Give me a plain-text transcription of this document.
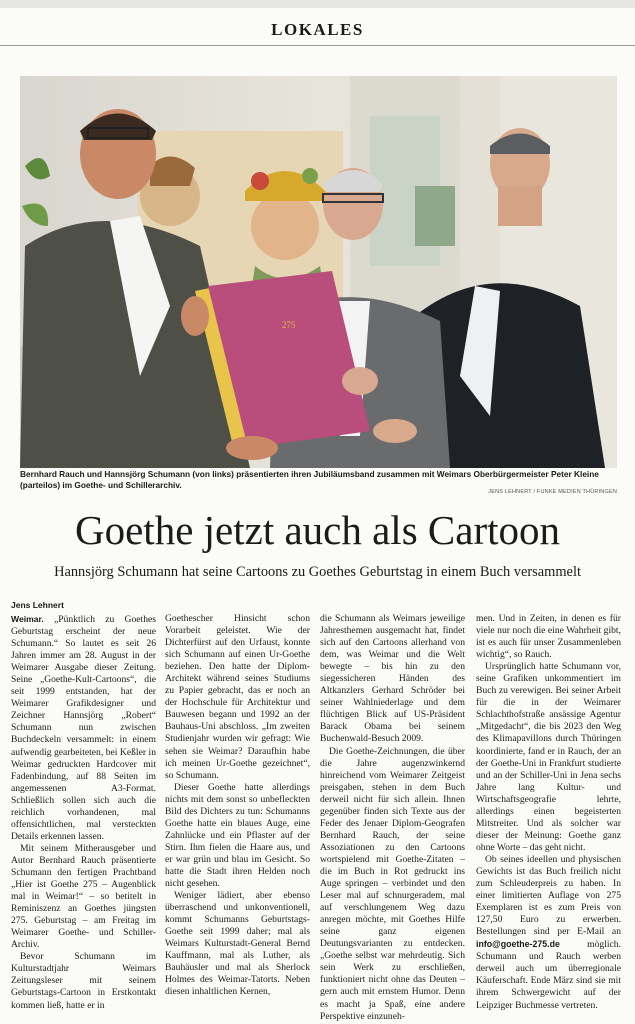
LOKALES
275
Bernhard Rauch und Hannsjörg Schumann (von links) präsentierten ihren Jubiläumsband zusammen mit Weimars Oberbürgermeister Peter Kleine (parteilos) im Goethe- und Schillerarchiv.
JENS LEHNERT / FUNKE MEDIEN THÜRINGEN
Goethe jetzt auch als Cartoon
Hannsjörg Schumann hat seine Cartoons zu Goethes Geburtstag in einem Buch versammelt
Jens Lehnert

Weimar. „Pünktlich zu Goethes Geburtstag erscheint der neue Schumann.“ So lautet es seit 26 Jahren immer am 28. August in der Weimarer Ausgabe dieser Zeitung. Seine „Goethe-Kult-Cartoons“, die seit 1999 entstanden, hat der Weimarer Grafikdesigner und Zeichner Hannsjörg „Robert“ Schumann nun zwischen Buchdeckeln versammelt: in einem aufwendig gearbeiteten, bei Keßler in Weimar gedruckten Hardcover mit Fadenbindung, auf 88 Seiten im angemessenen A3-Format. Schließlich sollen sich auch die reichlich vorhandenen, mal offensichtlichen, mal versteckten Details erkennen lassen.

Mit seinem Mitherausgeber und Autor Bernhard Rauch präsentierte Schumann den fertigen Prachtband „Hier ist Goethe 275 – Augenblick mal in Weimar!“ – so betitelt in Reminiszenz an Goethes jüngsten 275. Geburtstag – am Freitag im Weimarer Goethe- und Schiller-Archiv.

Bevor Schumann im Kulturstadtjahr Weimars Zeitungsleser mit seinem Geburtstags-Cartoon in Erstkontakt kommen ließ, hatte er in

Goethescher Hinsicht schon Vorarbeit geleistet. Wie der Dichterfürst auf den Urfaust, konnte sich Schumann auf einen Ur-Goethe beziehen. Den hatte der Diplom-Architekt während seines Studiums zu Papier gebracht, das er noch an der Hochschule für Architektur und Bauwesen begann und 1992 an der Bauhaus-Uni abschloss. „Im zweiten Studienjahr wurden wir gefragt: Wie sehen sie Weimar? Daraufhin habe ich meinen Ur-Goethe gezeichnet“, so Schumann.

Dieser Goethe hatte allerdings nichts mit dem sonst so unbefleckten Bild des Dichters zu tun: Schumanns Goethe hatte ein blaues Auge, eine Zahnlücke und ein Pflaster auf der Stirn. Ihm fielen die Haare aus, und er war grün und blau im Gesicht. So hatte die Stadt ihren Helden noch nicht gesehen.

Weniger lädiert, aber ebenso überraschend und unkonventionell, kommt Schumanns Geburtstags-Goethe seit 1999 daher; mal als Weimars Kulturstadt-General Bernd Kauffmann, mal als Luther, als Bauhäusler und mal als Sherlock Holmes des Weimar-Tatorts. Neben diesen inhaltlichen Kernen,

die Schumann als Weimars jeweilige Jahresthemen ausgemacht hat, findet sich auf den Cartoons allerhand von dem, was Weimar und die Welt bewegte – bis hin zu den siegessicheren Händen des Altkanzlers Gerhard Schröder bei seiner Wahlniederlage und dem flüchtigen Blick auf US-Präsident Barack Obama bei seinem Buchenwald-Besuch 2009.

Die Goethe-Zeichnungen, die über die Jahre augenzwinkernd hinreichend vom Weimarer Zeitgeist preisgaben, stehen in dem Buch derweil nicht für sich allein. Ihnen gegenüber finden sich Texte aus der Feder des Jenaer Diplom-Geografen Bernhard Rauch, der seine Assoziationen zu den Cartoons wortspielend mit Goethe-Zitaten – die im Buch in Rot gedruckt ins Auge springen – verbindet und den Leser mal auf schnurgeradem, mal auf verschlungenem Weg dazu anregen möchte, mit Goethes Hilfe seine ganz eigenen Deutungsvarianten zu entdecken. „Goethe selbst war mehrdeutig. Sich sein Werk zu erschließen, funktioniert nicht ohne das Deuten – gern auch mit ernstem Humor. Denn es macht ja Spaß, eine andere Perspektive einzuneh-

men. Und in Zeiten, in denen es für viele nur noch die eine Wahrheit gibt, ist es auch für unser Zusammenleben wichtig“, so Rauch.

Ursprünglich hatte Schumann vor, seine Grafiken unkommentiert im Buch zu verewigen. Bei seiner Arbeit für die in der Weimarer Schlachthofstraße ansässige Agentur „Mitgedacht“, die bis 2023 den Weg des Klimapavillons durch Thüringen koordinierte, fand er in Rauch, der an der Goethe-Uni in Frankfurt studierte und an der Schiller-Uni in Jena sechs Jahre lang Kultur- und Wirtschaftsgeografie lehrte, allerdings einen begeisterten Mitstreiter. Und als solcher war dieser der Meinung: Goethe ganz ohne Worte – das geht nicht.

Ob seines ideellen und physischen Gewichts ist das Buch freilich nicht zum Schleuderpreis zu haben. In einer limitierten Auflage von 275 Exemplaren ist es zum Preis von 127,50 Euro zu erwerben. Bestellungen sind per E-Mail an info@goethe-275.de	möglich. Schumann und Rauch werben derweil auch um überregionale Käuferschaft. Ende März sind sie mit ihrem Schwergewicht auf der Leipziger Buchmesse vertreten.
